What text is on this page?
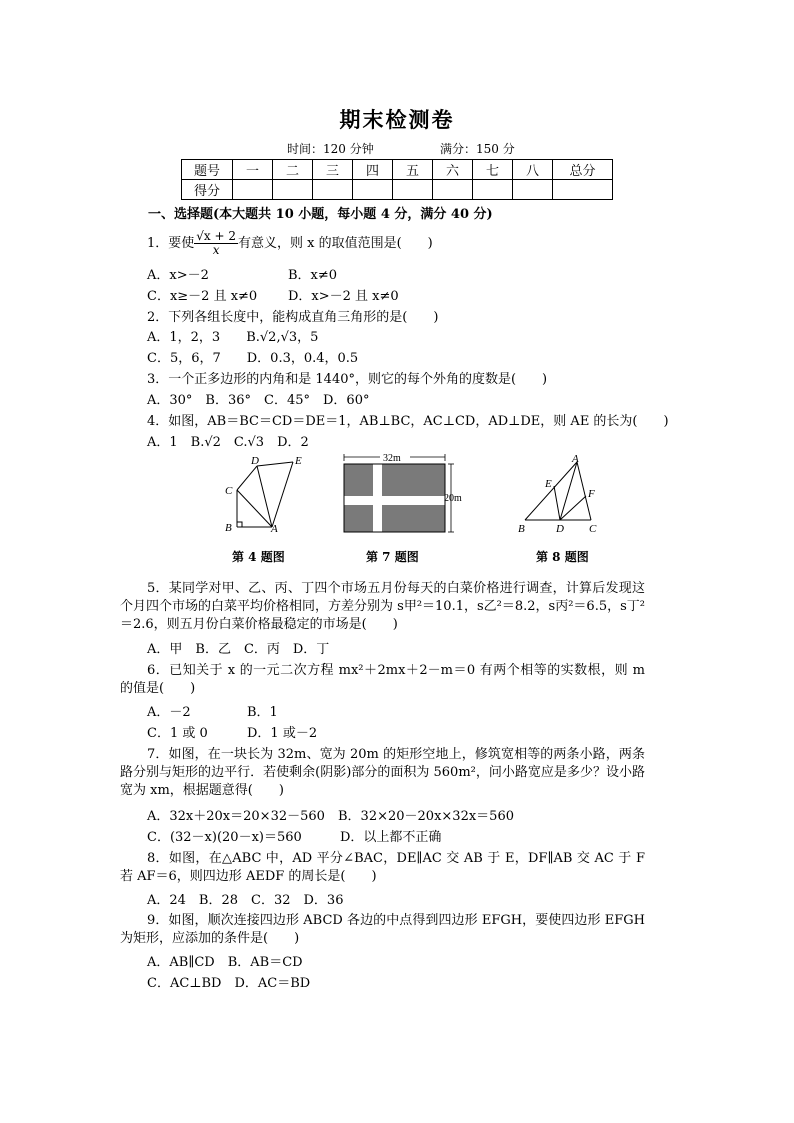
期末检测卷
时间：120 分钟	满分：150 分
题号	一	二	三	四	五	六	七	八	总分
得分									
一、选择题(本大题共 10 小题，每小题 4 分，满分 40 分)
1．要使 $\frac{√x + 2}{x}$ 有意义，则 x 的取值范围是(　　)
A．x>－2	B．x≠0
C．x≥－2 且 x≠0 D．x>－2 且 x≠0
2．下列各组长度中，能构成直角三角形的是(　　)
A．1，2，3　　B.√2,√3，5
C．5，6，7　　D．0.3，0.4，0.5
3．一个正多边形的内角和是 1440°，则它的每个外角的度数是(　　)
A．30°　B．36°　C．45°　D．60°
4．如图，AB＝BC＝CD＝DE＝1，AB⊥BC，AC⊥CD，AD⊥DE，则 AE 的长为(　　)
A．1　B.√2　C.√3　D．2
D	E
C
B	A
32m
20m
A
E
F
B	D C
第 4 题图	第 7 题图	第 8 题图
5．某同学对甲、乙、丙、丁四个市场五月份每天的白菜价格进行调查，计算后发现这个月四个市场的白菜平均价格相同，方差分别为 s甲²＝10.1，s乙²＝8.2，s丙²＝6.5，s丁²＝2.6，则五月份白菜价格最稳定的市场是(　　)
A．甲　B．乙　C．丙　D．丁
6．已知关于 x 的一元二次方程 mx²＋2mx＋2－m＝0 有两个相等的实数根，则 m 的值是(　　)
A．－2	B．1
C．1 或 0	D．1 或－2
7．如图，在一块长为 32m、宽为 20m 的矩形空地上，修筑宽相等的两条小路，两条路分别与矩形的边平行．若使剩余(阴影)部分的面积为 560m²，问小路宽应是多少？设小路宽为 xm，根据题意得(　　)
A．32x＋20x＝20×32－560 B．32×20－20x×32x＝560
C．(32－x)(20－x)＝560	D．以上都不正确
8．如图，在△ABC 中，AD 平分∠BAC，DE∥AC 交 AB 于 E，DF∥AB 交 AC 于 F 若 AF＝6，则四边形 AEDF 的周长是(　　)
A．24　B．28　C．32　D．36
9．如图，顺次连接四边形 ABCD 各边的中点得到四边形 EFGH，要使四边形 EFGH 为矩形，应添加的条件是(　　)
A．AB∥CD　B．AB＝CD
C．AC⊥BD　D．AC＝BD
